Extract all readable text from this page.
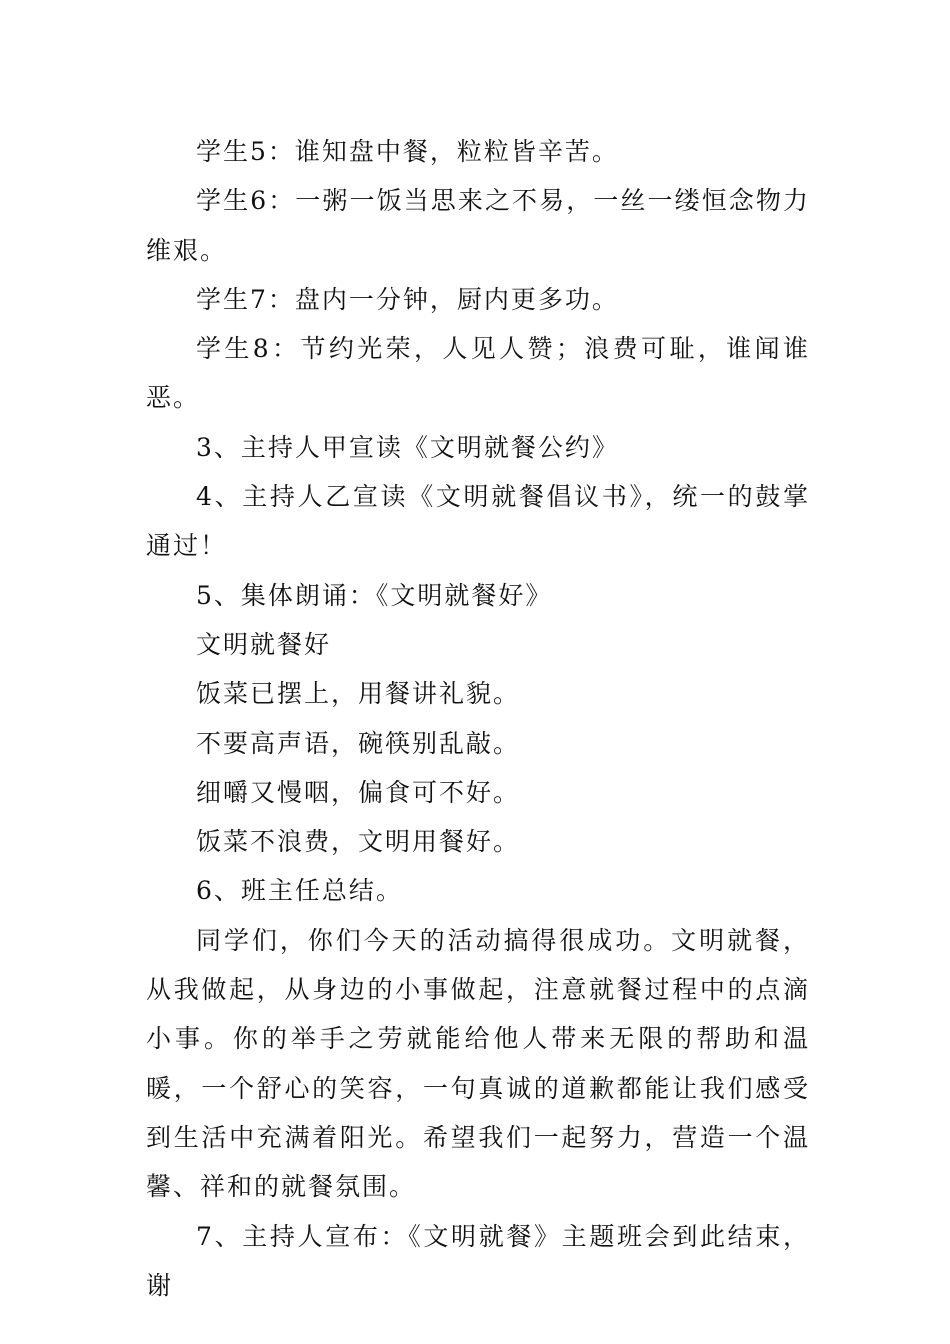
学生5：谁知盘中餐，粒粒皆辛苦。

学生6：一粥一饭当思来之不易，一丝一缕恒念物力维艰。

学生7：盘内一分钟，厨内更多功。

学生8：节约光荣，人见人赞；浪费可耻，谁闻谁恶。

3、主持人甲宣读《文明就餐公约》

4、主持人乙宣读《文明就餐倡议书》，统一的鼓掌通过！

5、集体朗诵：《文明就餐好》

文明就餐好

饭菜已摆上，用餐讲礼貌。

不要高声语，碗筷别乱敲。

细嚼又慢咽，偏食可不好。

饭菜不浪费，文明用餐好。

6、班主任总结。

同学们，你们今天的活动搞得很成功。文明就餐，从我做起，从身边的小事做起，注意就餐过程中的点滴小事。你的举手之劳就能给他人带来无限的帮助和温暖，一个舒心的笑容，一句真诚的道歉都能让我们感受到生活中充满着阳光。希望我们一起努力，营造一个温馨、祥和的就餐氛围。

7、主持人宣布：《文明就餐》主题班会到此结束，谢
